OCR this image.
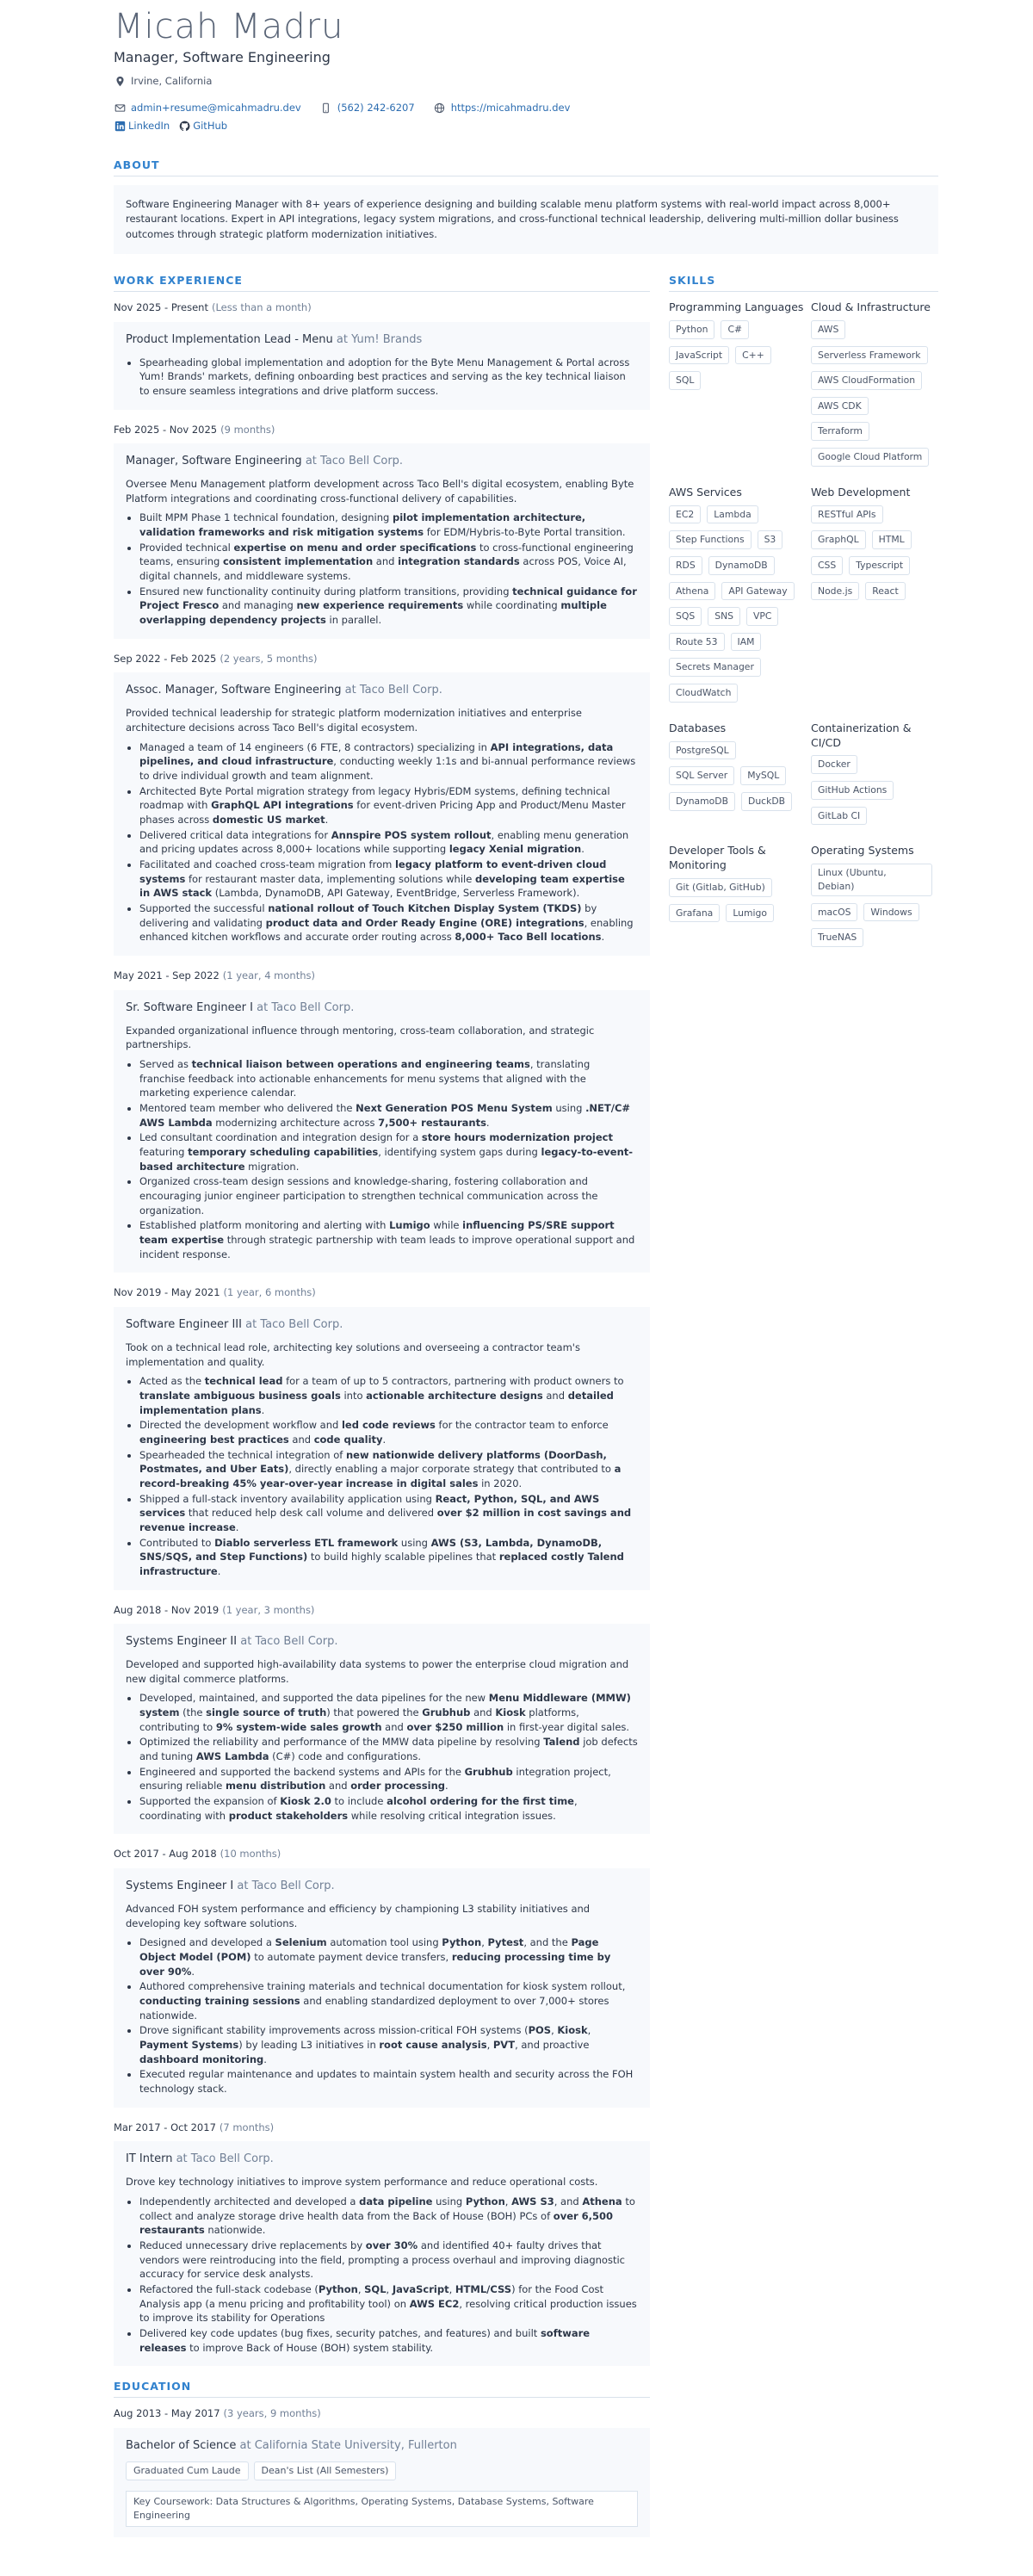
Micah Madru
Manager, Software Engineering
Irvine, California
admin+resume@micahmadru.dev	(562) 242-6207	https://micahmadru.dev
LinkedIn GitHub
ABOUT
Software Engineering Manager with 8+ years of experience designing and building scalable menu platform systems with real-world impact across 8,000+ restaurant locations. Expert in API integrations, legacy system migrations, and cross-functional technical leadership, delivering multi-million dollar business outcomes through strategic platform modernization initiatives.
WORK EXPERIENCE
Nov 2025 - Present (Less than a month)
Product Implementation Lead - Menu at Yum! Brands
• Spearheading global implementation and adoption for the Byte Menu Management & Portal across Yum! Brands' markets, defining onboarding best practices and serving as the key technical liaison to ensure seamless integrations and drive platform success.
Feb 2025 - Nov 2025 (9 months)
Manager, Software Engineering at Taco Bell Corp.
Oversee Menu Management platform development across Taco Bell's digital ecosystem, enabling Byte Platform integrations and coordinating cross-functional delivery of capabilities.
• Built MPM Phase 1 technical foundation, designing pilot implementation architecture, validation frameworks and risk mitigation systems for EDM/Hybris-to-Byte Portal transition.
• Provided technical expertise on menu and order specifications to cross-functional engineering teams, ensuring consistent implementation and integration standards across POS, Voice AI, digital channels, and middleware systems.
• Ensured new functionality continuity during platform transitions, providing technical guidance for Project Fresco and managing new experience requirements while coordinating multiple overlapping dependency projects in parallel.
Sep 2022 - Feb 2025 (2 years, 5 months)
Assoc. Manager, Software Engineering at Taco Bell Corp.
Provided technical leadership for strategic platform modernization initiatives and enterprise architecture decisions across Taco Bell's digital ecosystem.
• Managed a team of 14 engineers (6 FTE, 8 contractors) specializing in API integrations, data pipelines, and cloud infrastructure, conducting weekly 1:1s and bi-annual performance reviews to drive individual growth and team alignment.
• Architected Byte Portal migration strategy from legacy Hybris/EDM systems, defining technical roadmap with GraphQL API integrations for event-driven Pricing App and Product/Menu Master phases across domestic US market.
• Delivered critical data integrations for Annspire POS system rollout, enabling menu generation and pricing updates across 8,000+ locations while supporting legacy Xenial migration.
• Facilitated and coached cross-team migration from legacy platform to event-driven cloud systems for restaurant master data, implementing solutions while developing team expertise in AWS stack (Lambda, DynamoDB, API Gateway, EventBridge, Serverless Framework).
• Supported the successful national rollout of Touch Kitchen Display System (TKDS) by delivering and validating product data and Order Ready Engine (ORE) integrations, enabling enhanced kitchen workflows and accurate order routing across 8,000+ Taco Bell locations.
May 2021 - Sep 2022 (1 year, 4 months)
Sr. Software Engineer I at Taco Bell Corp.
Expanded organizational influence through mentoring, cross-team collaboration, and strategic partnerships.
• Served as technical liaison between operations and engineering teams, translating franchise feedback into actionable enhancements for menu systems that aligned with the marketing experience calendar.
• Mentored team member who delivered the Next Generation POS Menu System using .NET/C# AWS Lambda modernizing architecture across 7,500+ restaurants.
• Led consultant coordination and integration design for a store hours modernization project featuring temporary scheduling capabilities, identifying system gaps during legacy-to-event-based architecture migration.
• Organized cross-team design sessions and knowledge-sharing, fostering collaboration and encouraging junior engineer participation to strengthen technical communication across the organization.
• Established platform monitoring and alerting with Lumigo while influencing PS/SRE support team expertise through strategic partnership with team leads to improve operational support and incident response.
Nov 2019 - May 2021 (1 year, 6 months)
Software Engineer III at Taco Bell Corp.
Took on a technical lead role, architecting key solutions and overseeing a contractor team's implementation and quality.
• Acted as the technical lead for a team of up to 5 contractors, partnering with product owners to translate ambiguous business goals into actionable architecture designs and detailed implementation plans.
• Directed the development workflow and led code reviews for the contractor team to enforce engineering best practices and code quality.
• Spearheaded the technical integration of new nationwide delivery platforms (DoorDash, Postmates, and Uber Eats), directly enabling a major corporate strategy that contributed to a record-breaking 45% year-over-year increase in digital sales in 2020.
• Shipped a full-stack inventory availability application using React, Python, SQL, and AWS services that reduced help desk call volume and delivered over $2 million in cost savings and revenue increase.
• Contributed to Diablo serverless ETL framework using AWS (S3, Lambda, DynamoDB, SNS/SQS, and Step Functions) to build highly scalable pipelines that replaced costly Talend infrastructure.
Aug 2018 - Nov 2019 (1 year, 3 months)
Systems Engineer II at Taco Bell Corp.
Developed and supported high-availability data systems to power the enterprise cloud migration and new digital commerce platforms.
• Developed, maintained, and supported the data pipelines for the new Menu Middleware (MMW) system (the single source of truth) that powered the Grubhub and Kiosk platforms, contributing to 9% system-wide sales growth and over $250 million in first-year digital sales.
• Optimized the reliability and performance of the MMW data pipeline by resolving Talend job defects and tuning AWS Lambda (C#) code and configurations.
• Engineered and supported the backend systems and APIs for the Grubhub integration project, ensuring reliable menu distribution and order processing.
• Supported the expansion of Kiosk 2.0 to include alcohol ordering for the first time, coordinating with product stakeholders while resolving critical integration issues.
Oct 2017 - Aug 2018 (10 months)
Systems Engineer I at Taco Bell Corp.
Advanced FOH system performance and efficiency by championing L3 stability initiatives and developing key software solutions.
• Designed and developed a Selenium automation tool using Python, Pytest, and the Page Object Model (POM) to automate payment device transfers, reducing processing time by over 90%.
• Authored comprehensive training materials and technical documentation for kiosk system rollout, conducting training sessions and enabling standardized deployment to over 7,000+ stores nationwide.
• Drove significant stability improvements across mission-critical FOH systems (POS, Kiosk, Payment Systems) by leading L3 initiatives in root cause analysis, PVT, and proactive dashboard monitoring.
• Executed regular maintenance and updates to maintain system health and security across the FOH technology stack.
Mar 2017 - Oct 2017 (7 months)
IT Intern at Taco Bell Corp.
Drove key technology initiatives to improve system performance and reduce operational costs.
• Independently architected and developed a data pipeline using Python, AWS S3, and Athena to collect and analyze storage drive health data from the Back of House (BOH) PCs of over 6,500 restaurants nationwide.
• Reduced unnecessary drive replacements by over 30% and identified 40+ faulty drives that vendors were reintroducing into the field, prompting a process overhaul and improving diagnostic accuracy for service desk analysts.
• Refactored the full-stack codebase (Python, SQL, JavaScript, HTML/CSS) for the Food Cost Analysis app (a menu pricing and profitability tool) on AWS EC2, resolving critical production issues to improve its stability for Operations
• Delivered key code updates (bug fixes, security patches, and features) and built software releases to improve Back of House (BOH) system stability.
EDUCATION
Aug 2013 - May 2017 (3 years, 9 months)
Bachelor of Science at California State University, Fullerton
Graduated Cum Laude	Dean's List (All Semesters)
Key Coursework: Data Structures & Algorithms, Operating Systems, Database Systems, Software Engineering
SKILLS
Programming Languages
Python	C#
JavaScript	C++
SQL
Cloud & Infrastructure
AWS
Serverless Framework
AWS CloudFormation
AWS CDK
Terraform
Google Cloud Platform
AWS Services
EC2	Lambda
Step Functions	S3
RDS	DynamoDB
Athena	API Gateway
SQS	SNS	VPC
Route 53	IAM
Secrets Manager
CloudWatch
Web Development
RESTful APIs
GraphQL	HTML
CSS	Typescript
Node.js	React
Databases
PostgreSQL
SQL Server	MySQL
DynamoDB	DuckDB
Containerization & CI/CD
Docker
GitHub Actions
GitLab CI
Developer Tools & Monitoring
Git (Gitlab, GitHub)
Grafana	Lumigo
Operating Systems
Linux (Ubuntu, Debian)
macOS	Windows
TrueNAS
